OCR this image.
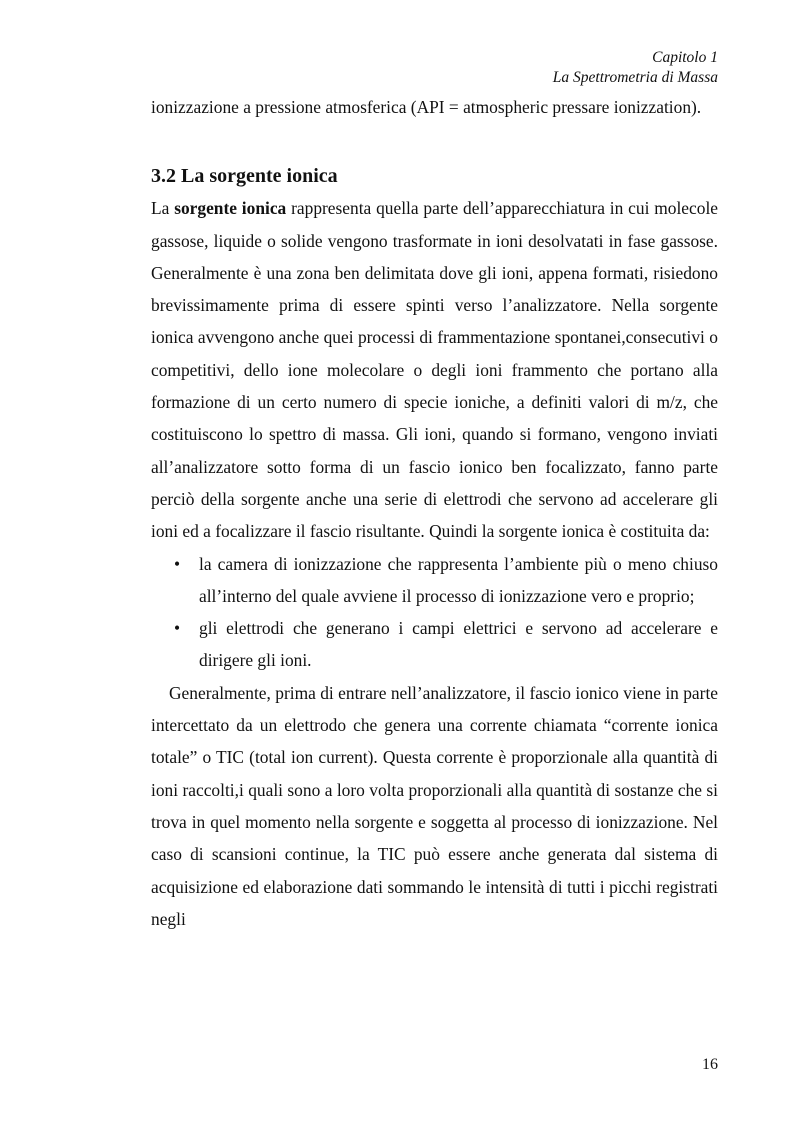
Capitolo 1
La Spettrometria di Massa

ionizzazione a pressione atmosferica (API = atmospheric pressare ionizzation).

3.2 La sorgente ionica

La sorgente ionica rappresenta quella parte dell’apparecchiatura in cui molecole gassose, liquide o solide vengono trasformate in ioni desolvatati in fase gassose. Generalmente è una zona ben delimitata dove gli ioni, appena formati, risiedono brevissimamente prima di essere spinti verso l’analizzatore. Nella sorgente ionica avvengono anche quei processi di frammentazione spontanei,consecutivi o competitivi, dello ione molecolare o degli ioni frammento che portano alla formazione di un certo numero di specie ioniche, a definiti valori di m/z, che costituiscono lo spettro di massa. Gli ioni, quando si formano, vengono inviati all’analizzatore sotto forma di un fascio ionico ben focalizzato, fanno parte perciò della sorgente anche una serie di elettrodi che servono ad accelerare gli ioni ed a focalizzare il fascio risultante. Quindi la sorgente ionica è costituita da:

• la camera di ionizzazione che rappresenta l’ambiente più o meno chiuso all’interno del quale avviene il processo di ionizzazione vero e proprio;
• gli elettrodi che generano i campi elettrici e servono ad accelerare e dirigere gli ioni.

Generalmente, prima di entrare nell’analizzatore, il fascio ionico viene in parte intercettato da un elettrodo che genera una corrente chiamata “corrente ionica totale” o TIC (total ion current). Questa corrente è proporzionale alla quantità di ioni raccolti,i quali sono a loro volta proporzionali alla quantità di sostanze che si trova in quel momento nella sorgente e soggetta al processo di ionizzazione. Nel caso di scansioni continue, la TIC può essere anche generata dal sistema di acquisizione ed elaborazione dati sommando le intensità di tutti i picchi registrati negli

16
